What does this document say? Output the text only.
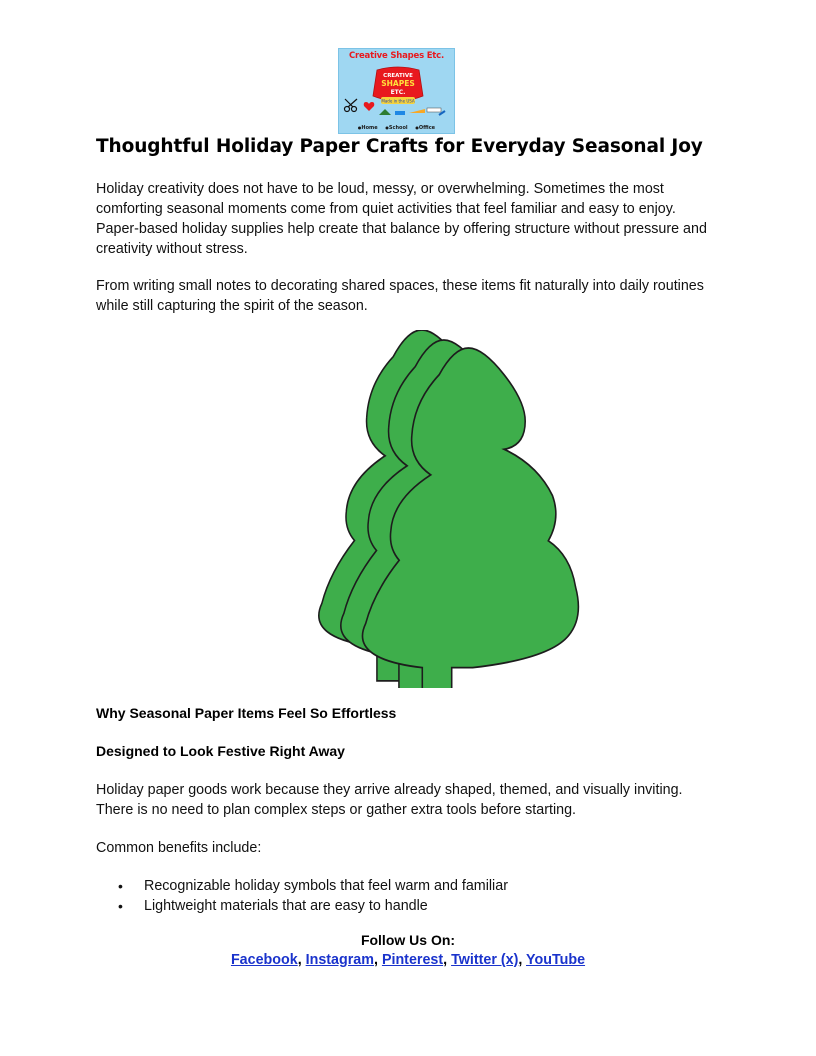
Creative Shapes Etc.
CREATIVE
SHAPES
ETC.
Made in the USA
● Home ● School ● Office
Thoughtful Holiday Paper Crafts for Everyday Seasonal Joy

Holiday creativity does not have to be loud, messy, or overwhelming. Sometimes the most comforting seasonal moments come from quiet activities that feel familiar and easy to enjoy. Paper-based holiday supplies help create that balance by offering structure without pressure and creativity without stress.

From writing small notes to decorating shared spaces, these items fit naturally into daily routines while still capturing the spirit of the season.

Why Seasonal Paper Items Feel So Effortless
Designed to Look Festive Right Away

Holiday paper goods work because they arrive already shaped, themed, and visually inviting. There is no need to plan complex steps or gather extra tools before starting.

Common benefits include:

• Recognizable holiday symbols that feel warm and familiar
• Lightweight materials that are easy to handle
Follow Us On:
Facebook, Instagram, Pinterest, Twitter (x), YouTube
